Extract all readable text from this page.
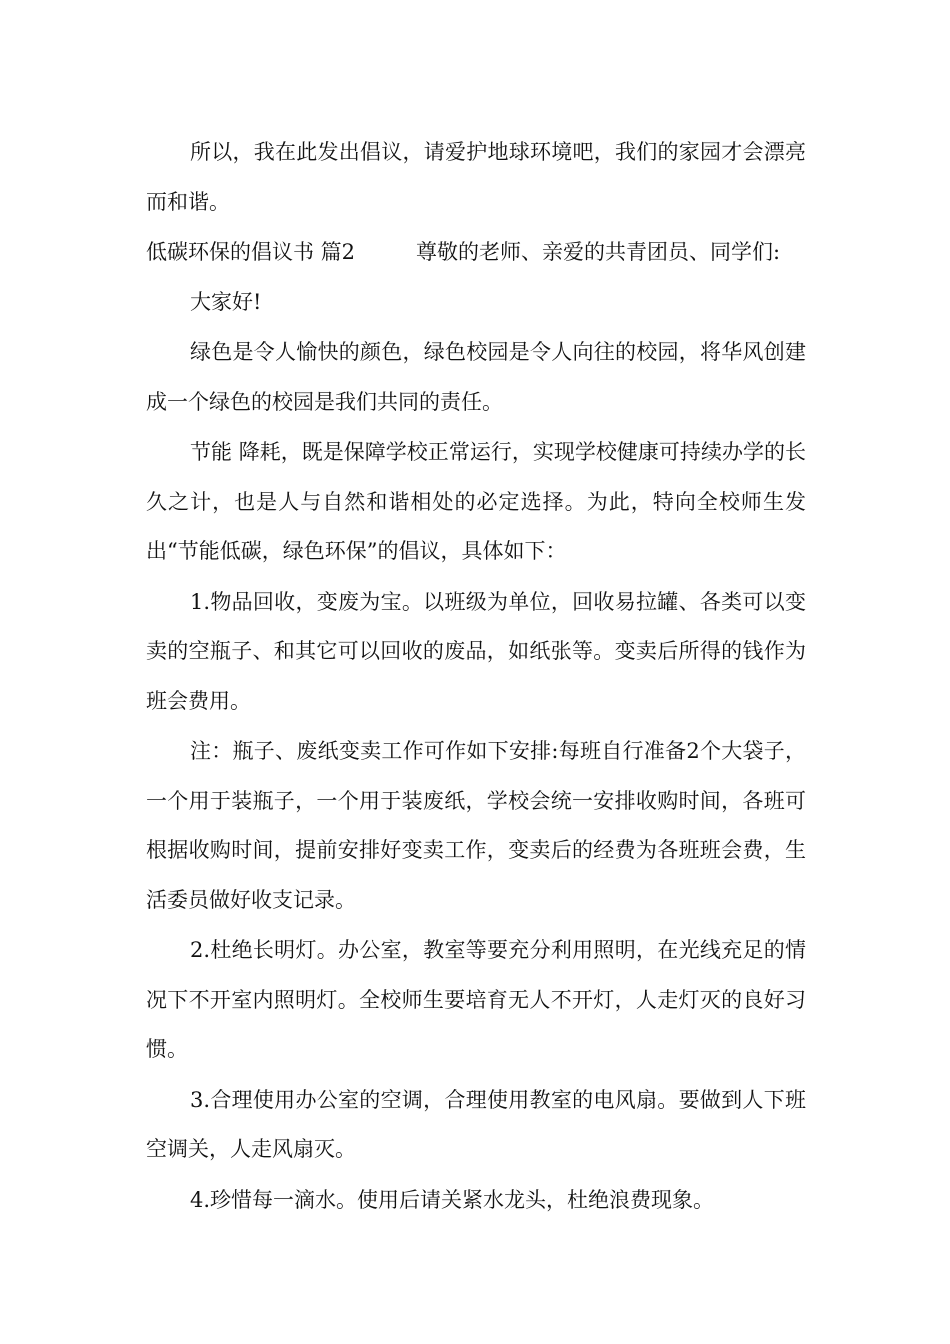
所以，我在此发出倡议，请爱护地球环境吧，我们的家园才会漂亮而和谐。

低碳环保的倡议书 篇2	尊敬的老师、亲爱的共青团员、同学们:

大家好!

绿色是令人愉快的颜色，绿色校园是令人向往的校园，将华风创建成一个绿色的校园是我们共同的责任。

节能 降耗，既是保障学校正常运行，实现学校健康可持续办学的长久之计，也是人与自然和谐相处的必定选择。为此，特向全校师生发出“节能低碳，绿色环保”的倡议，具体如下：

1.物品回收，变废为宝。以班级为单位，回收易拉罐、各类可以变卖的空瓶子、和其它可以回收的废品，如纸张等。变卖后所得的钱作为班会费用。

注：瓶子、废纸变卖工作可作如下安排:每班自行准备2个大袋子，一个用于装瓶子，一个用于装废纸，学校会统一安排收购时间，各班可根据收购时间，提前安排好变卖工作，变卖后的经费为各班班会费，生活委员做好收支记录。

2.杜绝长明灯。办公室，教室等要充分利用照明，在光线充足的情况下不开室内照明灯。全校师生要培育无人不开灯，人走灯灭的良好习惯。

3.合理使用办公室的空调，合理使用教室的电风扇。要做到人下班空调关，人走风扇灭。

4.珍惜每一滴水。使用后请关紧水龙头，杜绝浪费现象。
